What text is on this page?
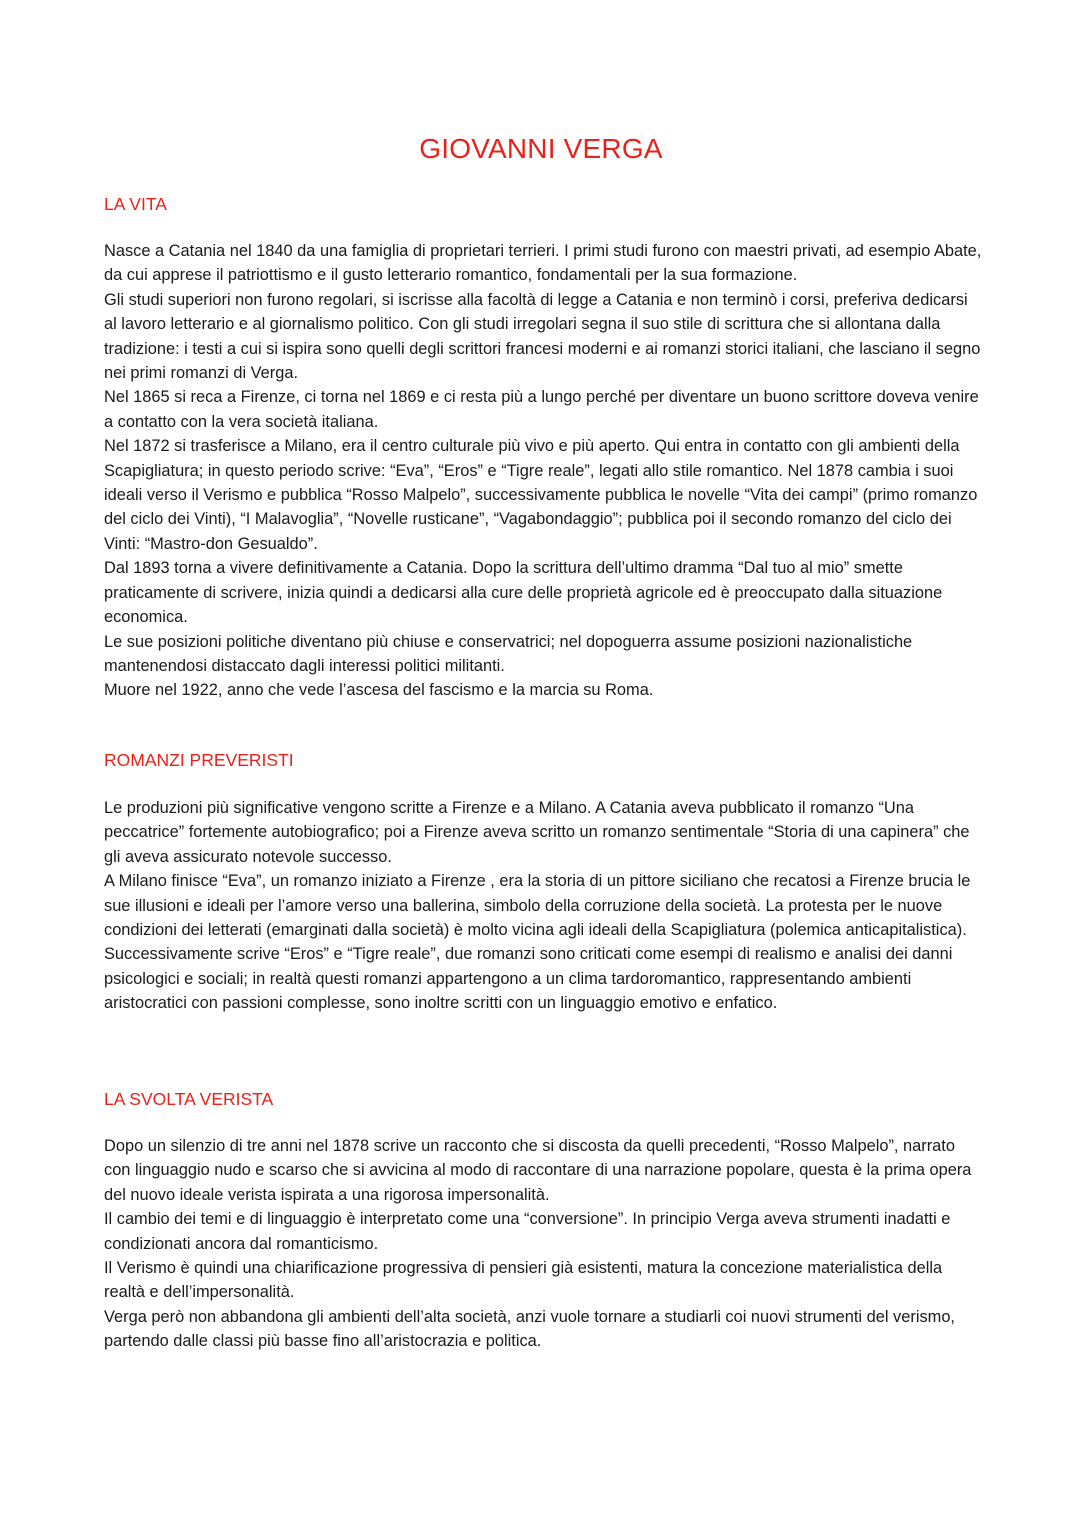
GIOVANNI VERGA
LA VITA

Nasce a Catania nel 1840 da una famiglia di proprietari terrieri. I primi studi furono con maestri privati, ad esempio Abate, da cui apprese il patriottismo e il gusto letterario romantico, fondamentali per la sua formazione.

Gli studi superiori non furono regolari, si iscrisse alla facoltà di legge a Catania e non terminò i corsi, preferiva dedicarsi al lavoro letterario e al giornalismo politico. Con gli studi irregolari segna il suo stile di scrittura che si allontana dalla tradizione: i testi a cui si ispira sono quelli degli scrittori francesi moderni e ai romanzi storici italiani, che lasciano il segno nei primi romanzi di Verga.

Nel 1865 si reca a Firenze, ci torna nel 1869 e ci resta più a lungo perché per diventare un buono scrittore doveva venire a contatto con la vera società italiana.

Nel 1872 si trasferisce a Milano, era il centro culturale più vivo e più aperto. Qui entra in contatto con gli ambienti della Scapigliatura; in questo periodo scrive: “Eva”, “Eros” e “Tigre reale”, legati allo stile romantico. Nel 1878 cambia i suoi ideali verso il Verismo e pubblica “Rosso Malpelo”, successivamente pubblica le novelle “Vita dei campi” (primo romanzo del ciclo dei Vinti), “I Malavoglia”, “Novelle rusticane”, “Vagabondaggio”; pubblica poi il secondo romanzo del ciclo dei Vinti: “Mastro-don Gesualdo”.

Dal 1893 torna a vivere definitivamente a Catania. Dopo la scrittura dell’ultimo dramma “Dal tuo al mio” smette praticamente di scrivere, inizia quindi a dedicarsi alla cure delle proprietà agricole ed è preoccupato dalla situazione economica.

Le sue posizioni politiche diventano più chiuse e conservatrici; nel dopoguerra assume posizioni nazionalistiche mantenendosi distaccato dagli interessi politici militanti.

Muore nel 1922, anno che vede l’ascesa del fascismo e la marcia su Roma.

ROMANZI PREVERISTI

Le produzioni più significative vengono scritte a Firenze e a Milano. A Catania aveva pubblicato il romanzo “Una peccatrice” fortemente autobiografico; poi a Firenze aveva scritto un romanzo sentimentale “Storia di una capinera” che gli aveva assicurato notevole successo.

A Milano finisce “Eva”, un romanzo iniziato a Firenze , era la storia di un pittore siciliano che recatosi a Firenze brucia le sue illusioni e ideali per l’amore verso una ballerina, simbolo della corruzione della società. La protesta per le nuove condizioni dei letterati (emarginati dalla società) è molto vicina agli ideali della Scapigliatura (polemica anticapitalistica).

Successivamente scrive “Eros” e “Tigre reale”, due romanzi sono criticati come esempi di realismo e analisi dei danni psicologici e sociali; in realtà questi romanzi appartengono a un clima tardoromantico, rappresentando ambienti aristocratici con passioni complesse, sono inoltre scritti con un linguaggio emotivo e enfatico.

LA SVOLTA VERISTA

Dopo un silenzio di tre anni nel 1878 scrive un racconto che si discosta da quelli precedenti, “Rosso Malpelo”, narrato con linguaggio nudo e scarso che si avvicina al modo di raccontare di una narrazione popolare, questa è la prima opera del nuovo ideale verista ispirata a una rigorosa impersonalità.

Il cambio dei temi e di linguaggio è interpretato come una “conversione”. In principio Verga aveva strumenti inadatti e condizionati ancora dal romanticismo.

Il Verismo è quindi una chiarificazione progressiva di pensieri già esistenti, matura la concezione materialistica della realtà e dell’impersonalità.

Verga però non abbandona gli ambienti dell’alta società, anzi vuole tornare a studiarli coi nuovi strumenti del verismo, partendo dalle classi più basse fino all’aristocrazia e politica.
